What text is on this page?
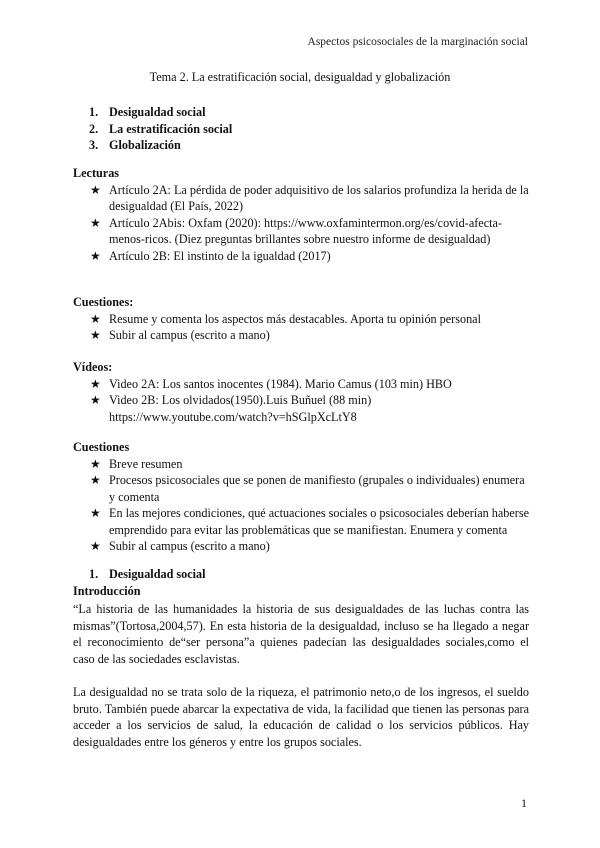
Aspectos psicosociales de la marginación social
Tema 2. La estratificación social, desigualdad y globalización
1. Desigualdad social
2. La estratificación social
3. Globalización
Lecturas
★ Artículo 2A: La pérdida de poder adquisitivo de los salarios profundiza la herida de la desigualdad (El País, 2022)
★ Artículo 2Abis: Oxfam (2020): https://www.oxfamintermon.org/es/covid-afecta-menos-ricos. (Diez preguntas brillantes sobre nuestro informe de desigualdad)
★ Artículo 2B: El instinto de la igualdad (2017)
Cuestiones:
★ Resume y comenta los aspectos más destacables. Aporta tu opinión personal
★ Subir al campus (escrito a mano)
Vídeos:
★ Video 2A: Los santos inocentes (1984). Mario Camus (103 min) HBO
★ Video 2B: Los olvidados(1950).Luis Buñuel (88 min) https://www.youtube.com/watch?v=hSGlpXcLtY8
Cuestiones
★ Breve resumen
★ Procesos psicosociales que se ponen de manifiesto (grupales o individuales) enumera y comenta
★ En las mejores condiciones, qué actuaciones sociales o psicosociales deberían haberse emprendido para evitar las problemáticas que se manifiestan. Enumera y comenta
★ Subir al campus (escrito a mano)
1. Desigualdad social
Introducción
“La historia de las humanidades la historia de sus desigualdades de las luchas contra las mismas”(Tortosa,2004,57). En esta historia de la desigualdad, incluso se ha llegado a negar el reconocimiento de“ser persona”a quienes padecían las desigualdades sociales,como el caso de las sociedades esclavistas.
La desigualdad no se trata solo de la riqueza, el patrimonio neto,o de los ingresos, el sueldo bruto. También puede abarcar la expectativa de vida, la facilidad que tienen las personas para acceder a los servicios de salud, la educación de calidad o los servicios públicos. Hay desigualdades entre los géneros y entre los grupos sociales.
1
